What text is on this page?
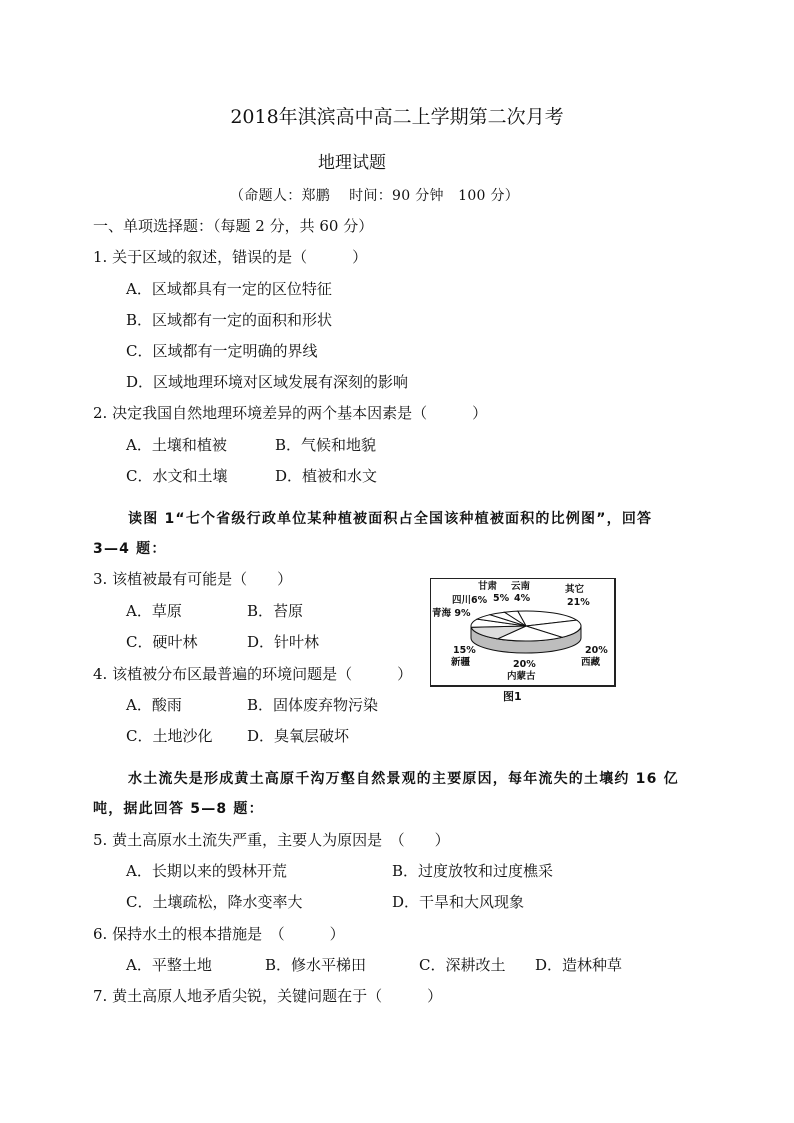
2018年淇滨高中高二上学期第二次月考
地理试题
（命题人：郑鹏　 时间：90 分钟　100 分）
一、单项选择题：（每题 2 分，共 60 分）
1. 关于区域的叙述，错误的是（　　　）
A．区域都具有一定的区位特征
B．区域都有一定的面积和形状
C．区域都有一定明确的界线
D．区域地理环境对区域发展有深刻的影响
2. 决定我国自然地理环境差异的两个基本因素是（　　　）
A．土壤和植被	B．气候和地貌
C．水文和土壤	D．植被和水文
读图 1“七个省级行政单位某种植被面积占全国该种植被面积的比例图”，回答
3—4 题：
3. 该植被最有可能是（　　）
A．草原	B．苔原
C．硬叶林	D．针叶林
4. 该植被分布区最普遍的环境问题是（　　　）
A．酸雨	B．固体废弃物污染
C．土地沙化 D．臭氧层破坏
甘肃 云南	其它
5% 4%	21%
四川6%
青海 9%
15%
新疆
20%
西藏
20%
内蒙古
图1
水土流失是形成黄土高原千沟万壑自然景观的主要原因，每年流失的土壤约 16 亿
吨，据此回答 5—8 题：
5. 黄土高原水土流失严重，主要人为原因是　（　　）
A．长期以来的毁林开荒	B．过度放牧和过度樵采
C．土壤疏松，降水变率大	D．干旱和大风现象
6. 保持水土的根本措施是　（　　　）
A．平整土地	B．修水平梯田	C．深耕改土 D．造林种草
7. 黄土高原人地矛盾尖锐，关键问题在于（　　　）
